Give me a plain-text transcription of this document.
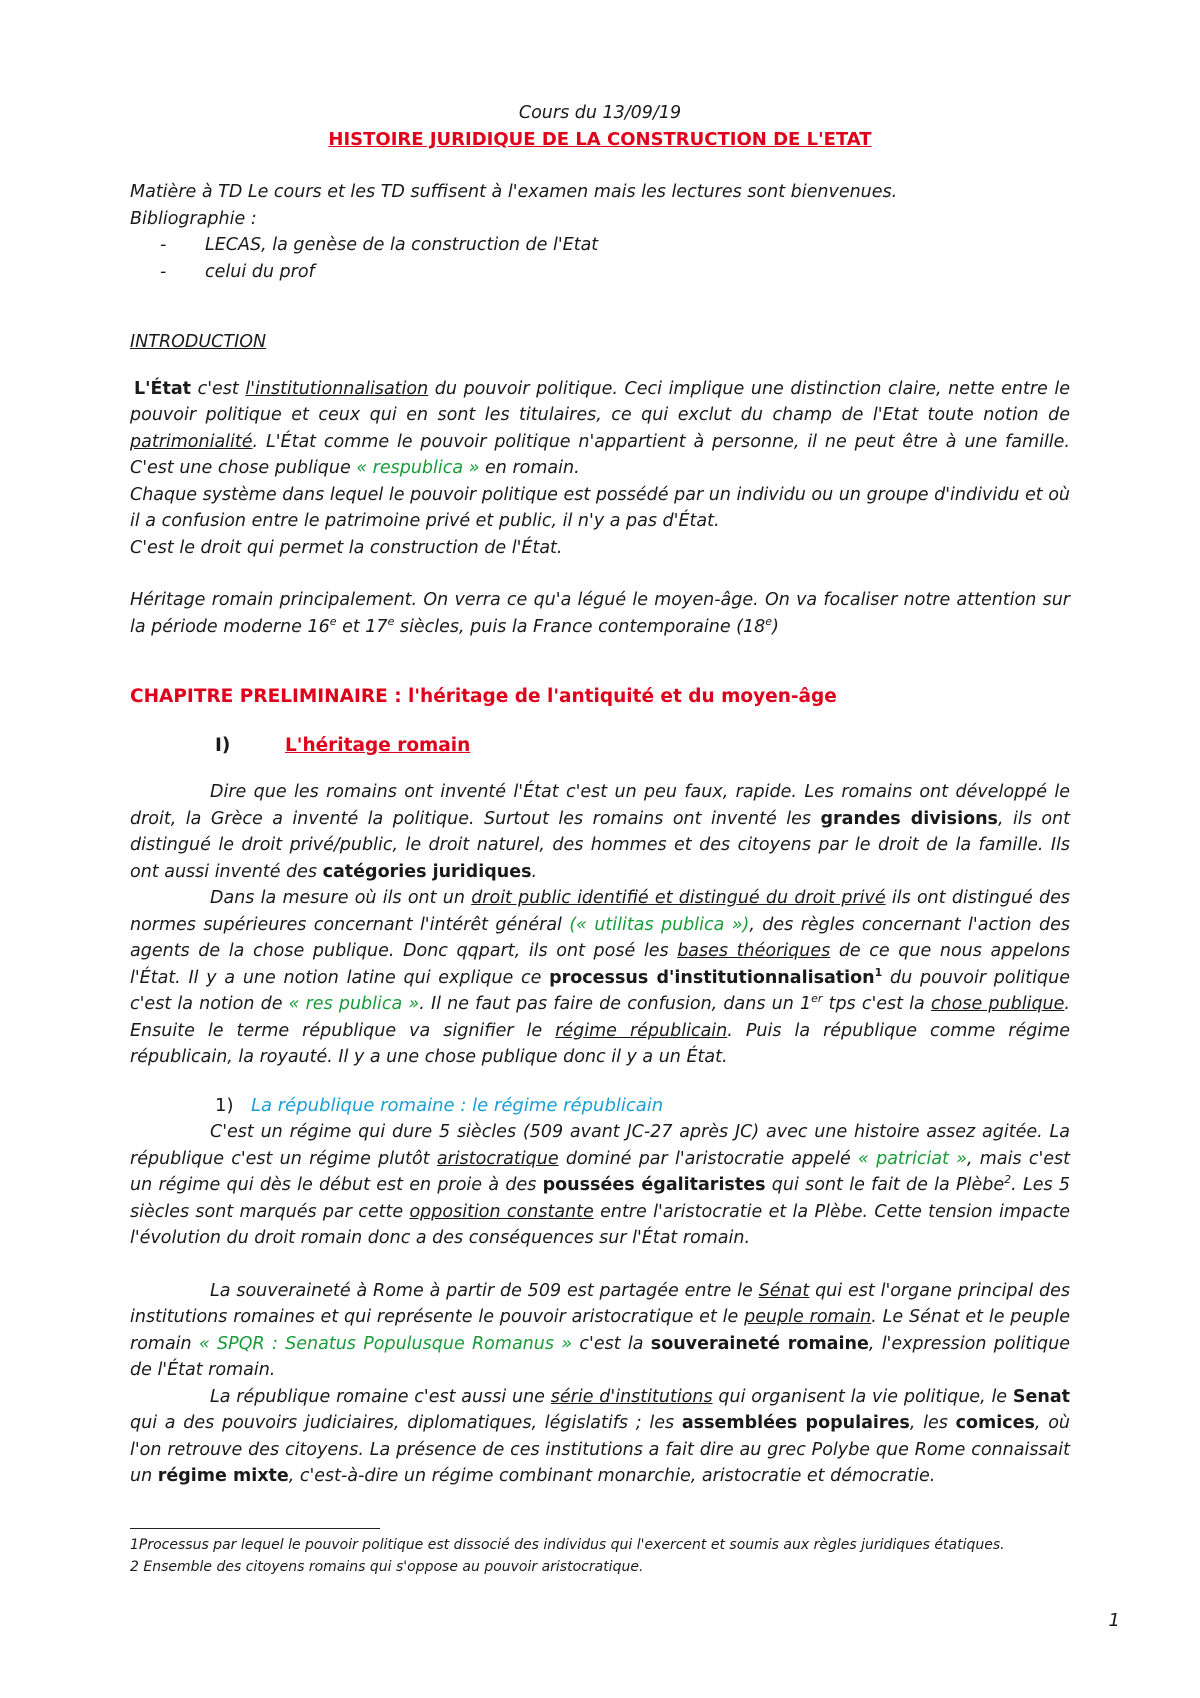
Cours du 13/09/19

HISTOIRE JURIDIQUE DE LA CONSTRUCTION DE L'ETAT

Matière à TD Le cours et les TD suffisent à l'examen mais les lectures sont bienvenues.

Bibliographie :

- LECAS, la genèse de la construction de l'Etat
- celui du prof

INTRODUCTION

L'État c'est l'institutionnalisation du pouvoir politique. Ceci implique une distinction claire, nette entre le pouvoir politique et ceux qui en sont les titulaires, ce qui exclut du champ de l'Etat toute notion de patrimonialité. L'État comme le pouvoir politique n'appartient à personne, il ne peut être à une famille. C'est une chose publique « respublica » en romain.

Chaque système dans lequel le pouvoir politique est possédé par un individu ou un groupe d'individu et où il a confusion entre le patrimoine privé et public, il n'y a pas d'État.

C'est le droit qui permet la construction de l'État.

Héritage romain principalement. On verra ce qu'a légué le moyen-âge. On va focaliser notre attention sur la période moderne 16e et 17e siècles, puis la France contemporaine (18e)

CHAPITRE PRELIMINAIRE : l'héritage de l'antiquité et du moyen-âge

I)	L'héritage romain

Dire que les romains ont inventé l'État c'est un peu faux, rapide. Les romains ont développé le droit, la Grèce a inventé la politique. Surtout les romains ont inventé les grandes divisions, ils ont distingué le droit privé/public, le droit naturel, des hommes et des citoyens par le droit de la famille. Ils ont aussi inventé des catégories juridiques.

Dans la mesure où ils ont un droit public identifié et distingué du droit privé ils ont distingué des normes supérieures concernant l'intérêt général (« utilitas publica »), des règles concernant l'action des agents de la chose publique. Donc qqpart, ils ont posé les bases théoriques de ce que nous appelons l'État. Il y a une notion latine qui explique ce processus d'institutionnalisation$^1$ du pouvoir politique c'est la notion de « res publica ». Il ne faut pas faire de confusion, dans un 1er tps c'est la chose publique. Ensuite le terme république va signifier le régime républicain. Puis la république comme régime républicain, la royauté. Il y a une chose publique donc il y a un État.

1) La république romaine : le régime républicain

C'est un régime qui dure 5 siècles (509 avant JC-27 après JC) avec une histoire assez agitée. La république c'est un régime plutôt aristocratique dominé par l'aristocratie appelé « patriciat », mais c'est un régime qui dès le début est en proie à des poussées égalitaristes qui sont le fait de la Plèbe$^2$. Les 5 siècles sont marqués par cette opposition constante entre l'aristocratie et la Plèbe. Cette tension impacte l'évolution du droit romain donc a des conséquences sur l'État romain.

La souveraineté à Rome à partir de 509 est partagée entre le Sénat qui est l'organe principal des institutions romaines et qui représente le pouvoir aristocratique et le peuple romain. Le Sénat et le peuple romain « SPQR : Senatus Populusque Romanus » c'est la souveraineté romaine, l'expression politique de l'État romain.

La république romaine c'est aussi une série d'institutions qui organisent la vie politique, le Senat qui a des pouvoirs judiciaires, diplomatiques, législatifs ; les assemblées populaires, les comices, où l'on retrouve des citoyens. La présence de ces institutions a fait dire au grec Polybe que Rome connaissait un régime mixte, c'est-à-dire un régime combinant monarchie, aristocratie et démocratie.

1Processus par lequel le pouvoir politique est dissocié des individus qui l'exercent et soumis aux règles juridiques étatiques.

2 Ensemble des citoyens romains qui s'oppose au pouvoir aristocratique.

1
